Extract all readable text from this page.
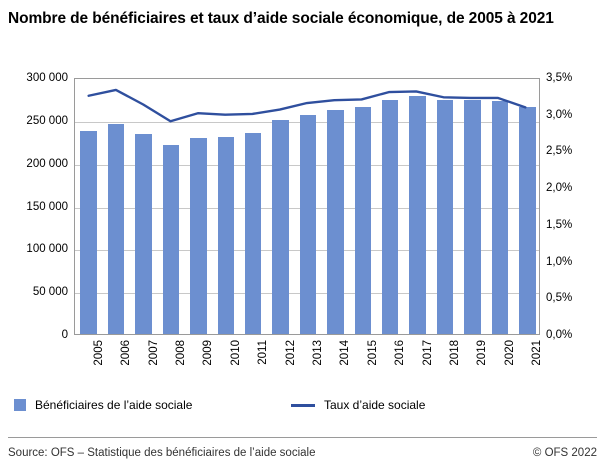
Nombre de bénéficiaires et taux d’aide sociale économique, de 2005 à 2021
0
50 000
100 000
150 000
200 000
250 000
300 000
0,0%
0,5%
1,0%
1,5%
2,0%
2,5%
3,0%
3,5%
2005 2006 2007 2008 2009 2010 2011 2012 2013 2014 2015 2016 2017 2018 2019 2020 2021
Bénéficiaires de l’aide sociale	Taux d’aide sociale
Source: OFS – Statistique des bénéficiaires de l’aide sociale	© OFS 2022
